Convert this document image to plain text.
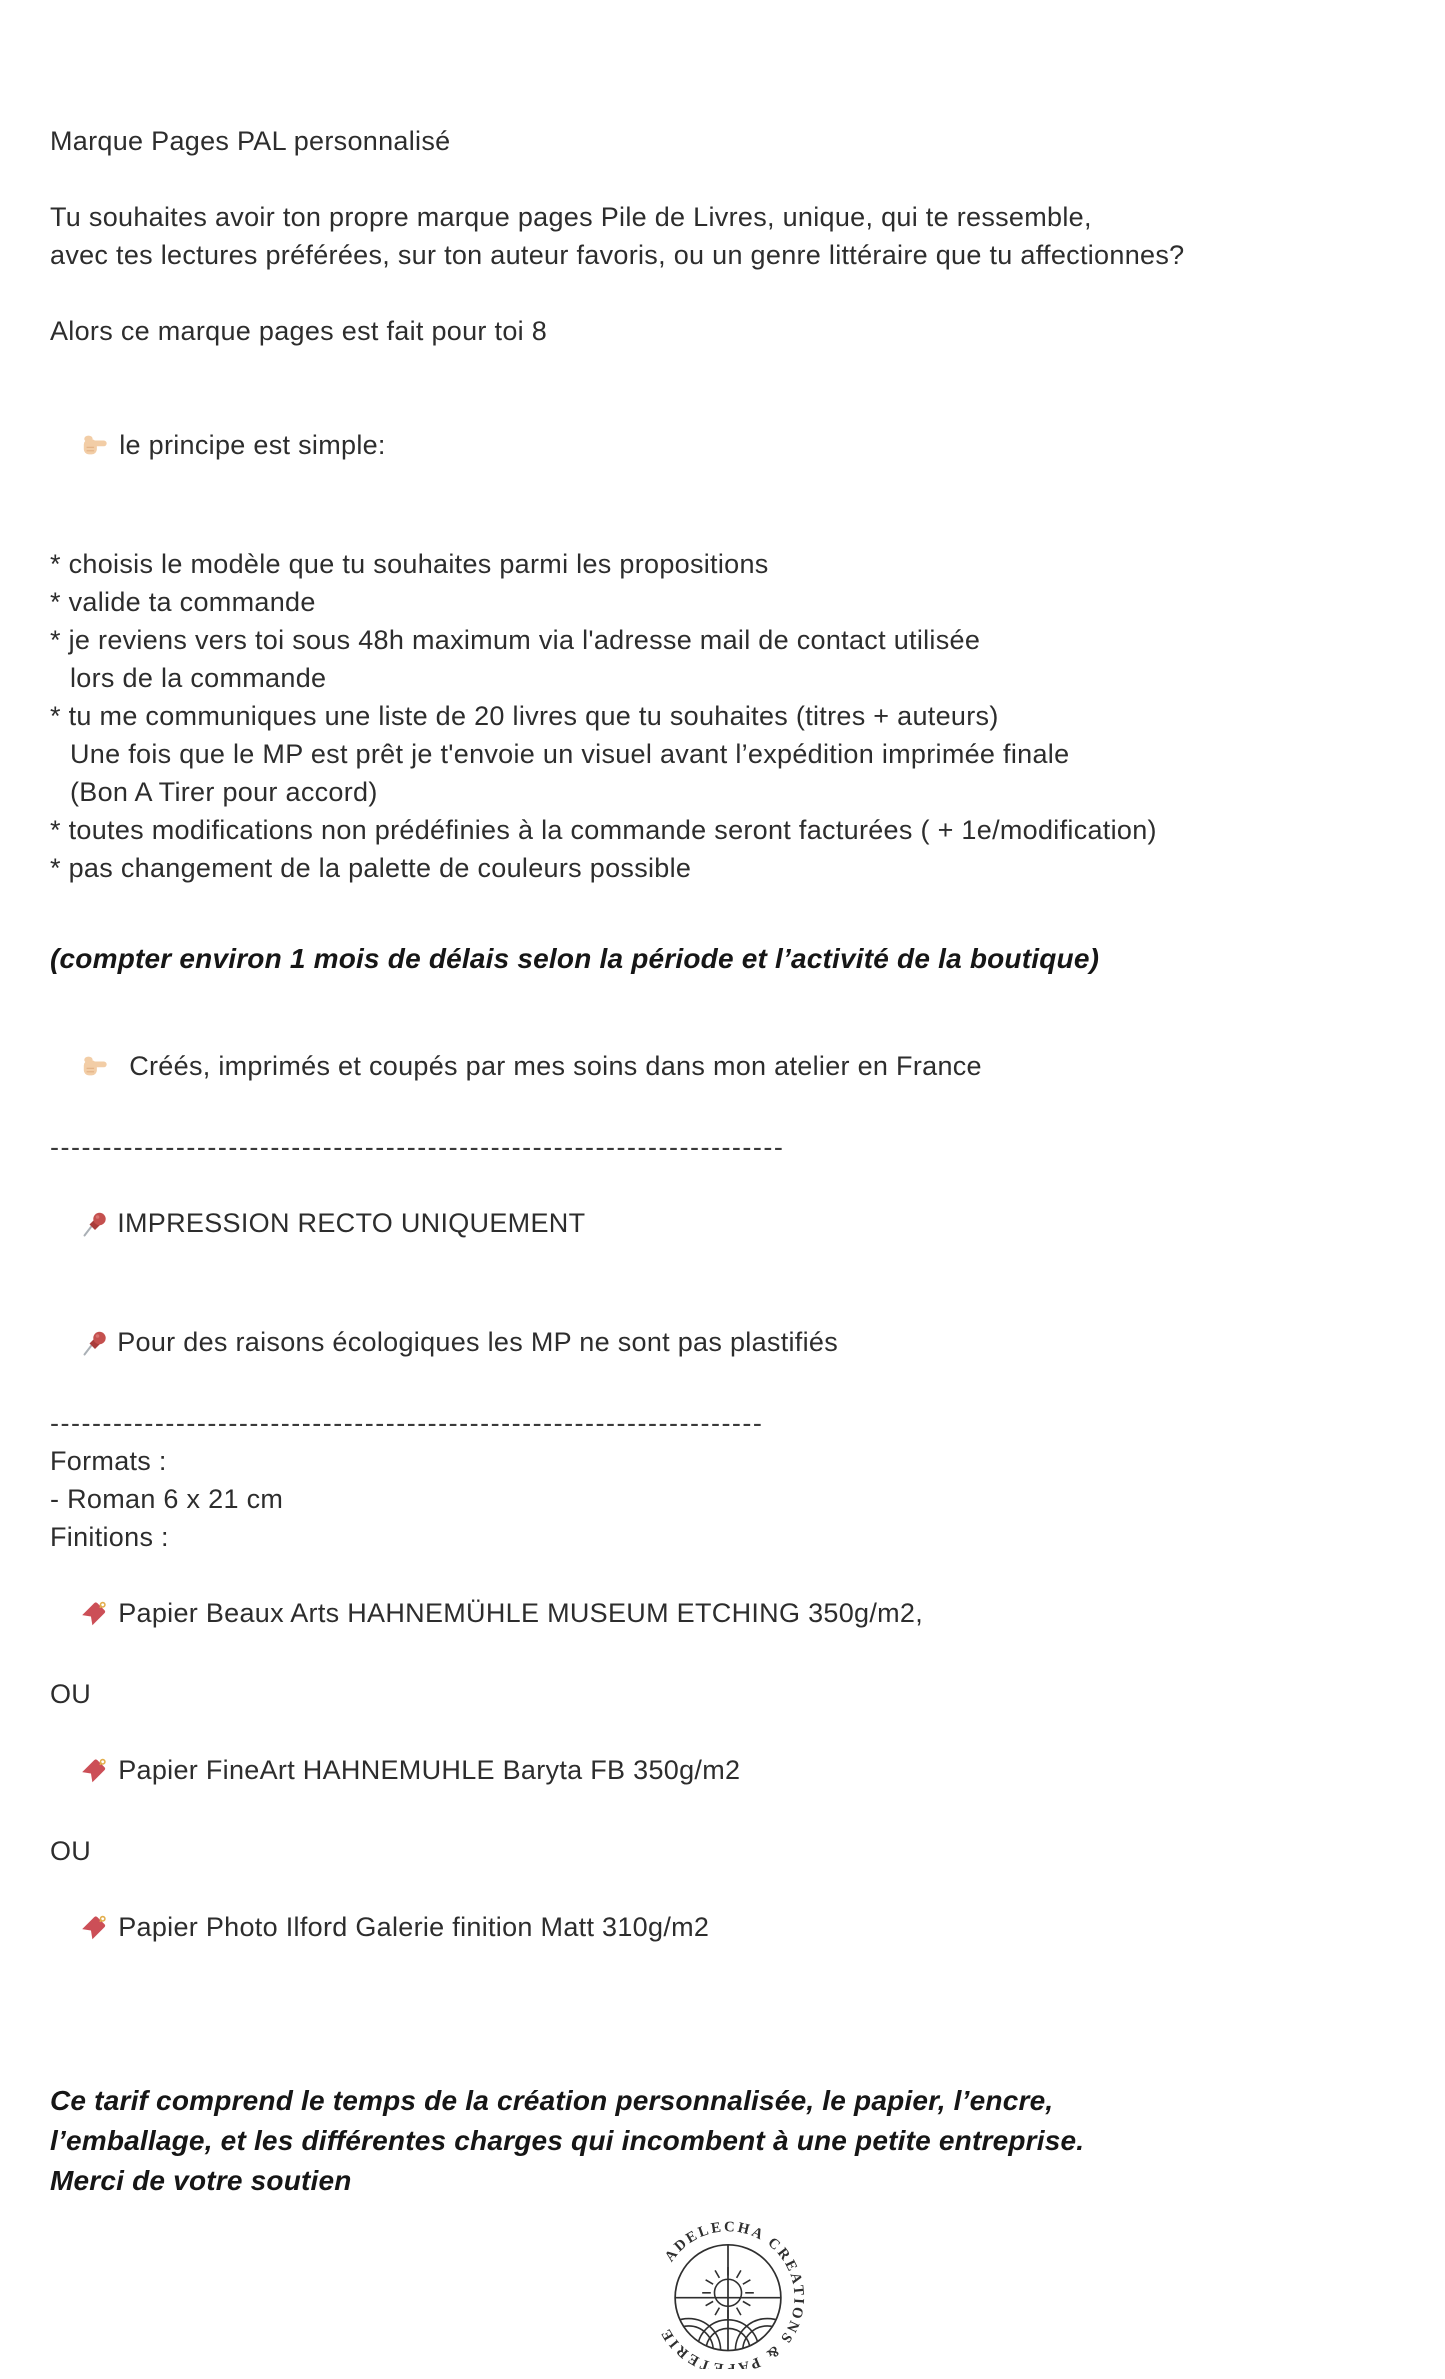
Marque Pages PAL personnalisé
Tu souhaites avoir ton propre marque pages Pile de Livres, unique, qui te ressemble,
avec tes lectures préférées, sur ton auteur favoris, ou un genre littéraire que tu affectionnes?
Alors ce marque pages est fait pour toi 8

le principe est simple:

* choisis le modèle que tu souhaites parmi les propositions
* valide ta commande
* je reviens vers toi sous 48h maximum via l'adresse mail de contact utilisée
lors de la commande
* tu me communiques une liste de 20 livres que tu souhaites (titres + auteurs)
Une fois que le MP est prêt je t'envoie un visuel avant l’expédition imprimée finale
(Bon A Tirer pour accord)
* toutes modifications non prédéfinies à la commande seront facturées ( + 1e/modification)
* pas changement de la palette de couleurs possible
(compter environ 1 mois de délais selon la période et l’activité de la boutique)

Créés, imprimés et coupés par mes soins dans mon atelier en France

----------------------------------------------------------------------

IMPRESSION RECTO UNIQUEMENT

Pour des raisons écologiques les MP ne sont pas plastifiés

--------------------------------------------------------------------
Formats :
- Roman 6 x 21 cm
Finitions :

Papier Beaux Arts HAHNEMÜHLE MUSEUM ETCHING 350g/m2,

OU

Papier FineArt HAHNEMUHLE Baryta FB 350g/m2

OU

Papier Photo Ilford Galerie finition Matt 310g/m2

Ce tarif comprend le temps de la création personnalisée, le papier, l’encre,
l’emballage, et les différentes charges qui incombent à une petite entreprise.
Merci de votre soutien
ADELECHA CREATIONS & PAPETERIE
